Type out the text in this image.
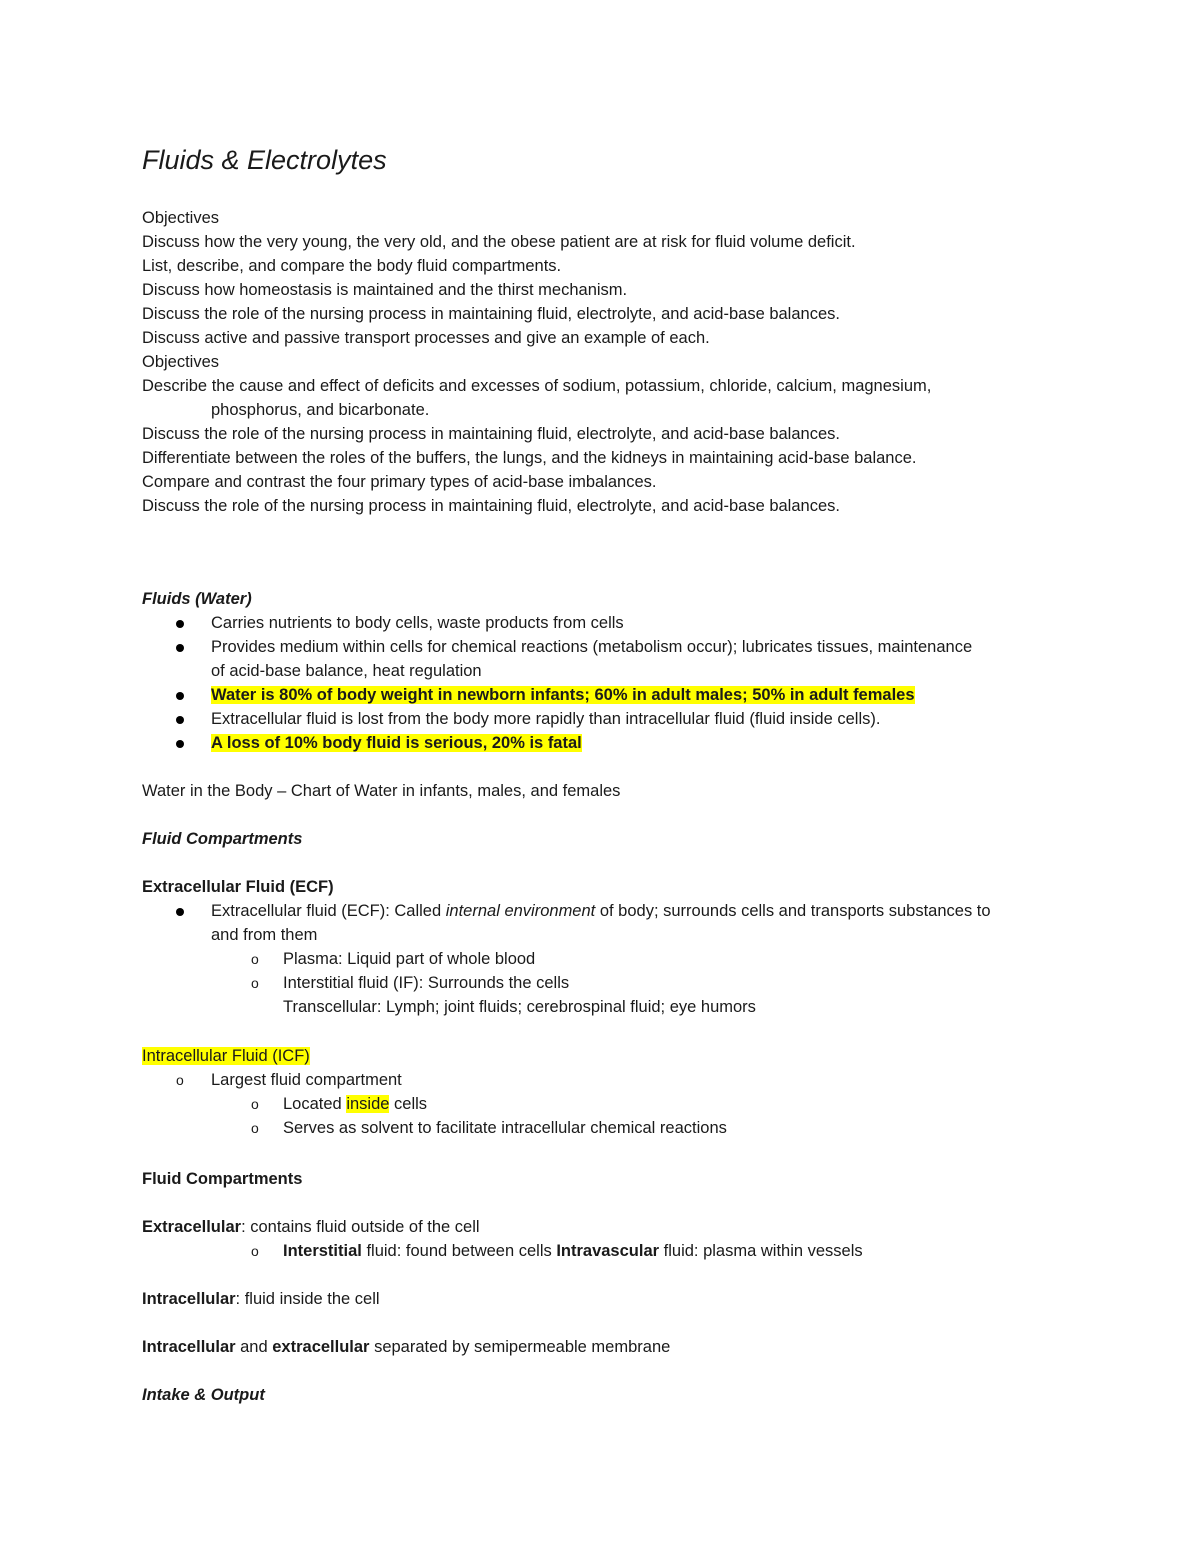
Fluids & Electrolytes
Objectives
Discuss how the very young, the very old, and the obese patient are at risk for fluid volume deficit.
List, describe, and compare the body fluid compartments.
Discuss how homeostasis is maintained and the thirst mechanism.
Discuss the role of the nursing process in maintaining fluid, electrolyte, and acid-base balances.
Discuss active and passive transport processes and give an example of each.
Objectives
Describe the cause and effect of deficits and excesses of sodium, potassium, chloride, calcium, magnesium,
phosphorus, and bicarbonate.
Discuss the role of the nursing process in maintaining fluid, electrolyte, and acid-base balances.
Differentiate between the roles of the buffers, the lungs, and the kidneys in maintaining acid-base balance.
Compare and contrast the four primary types of acid-base imbalances.
Discuss the role of the nursing process in maintaining fluid, electrolyte, and acid-base balances.
Fluids (Water)
Carries nutrients to body cells, waste products from cells
Provides medium within cells for chemical reactions (metabolism occur); lubricates tissues, maintenance
of acid-base balance, heat regulation
Water is 80% of body weight in newborn infants; 60% in adult males; 50% in adult females
Extracellular fluid is lost from the body more rapidly than intracellular fluid (fluid inside cells).
A loss of 10% body fluid is serious, 20% is fatal
Water in the Body – Chart of Water in infants, males, and females
Fluid Compartments
Extracellular Fluid (ECF)
Extracellular fluid (ECF): Called internal environment of body; surrounds cells and transports substances to
and from them
o Plasma: Liquid part of whole blood
o Interstitial fluid (IF): Surrounds the cells
Transcellular: Lymph; joint fluids; cerebrospinal fluid; eye humors
Intracellular Fluid (ICF)
o Largest fluid compartment
o Located inside cells
o Serves as solvent to facilitate intracellular chemical reactions
Fluid Compartments
Extracellular: contains fluid outside of the cell
o Interstitial fluid: found between cells Intravascular fluid: plasma within vessels
Intracellular: fluid inside the cell
Intracellular and extracellular separated by semipermeable membrane
Intake & Output
